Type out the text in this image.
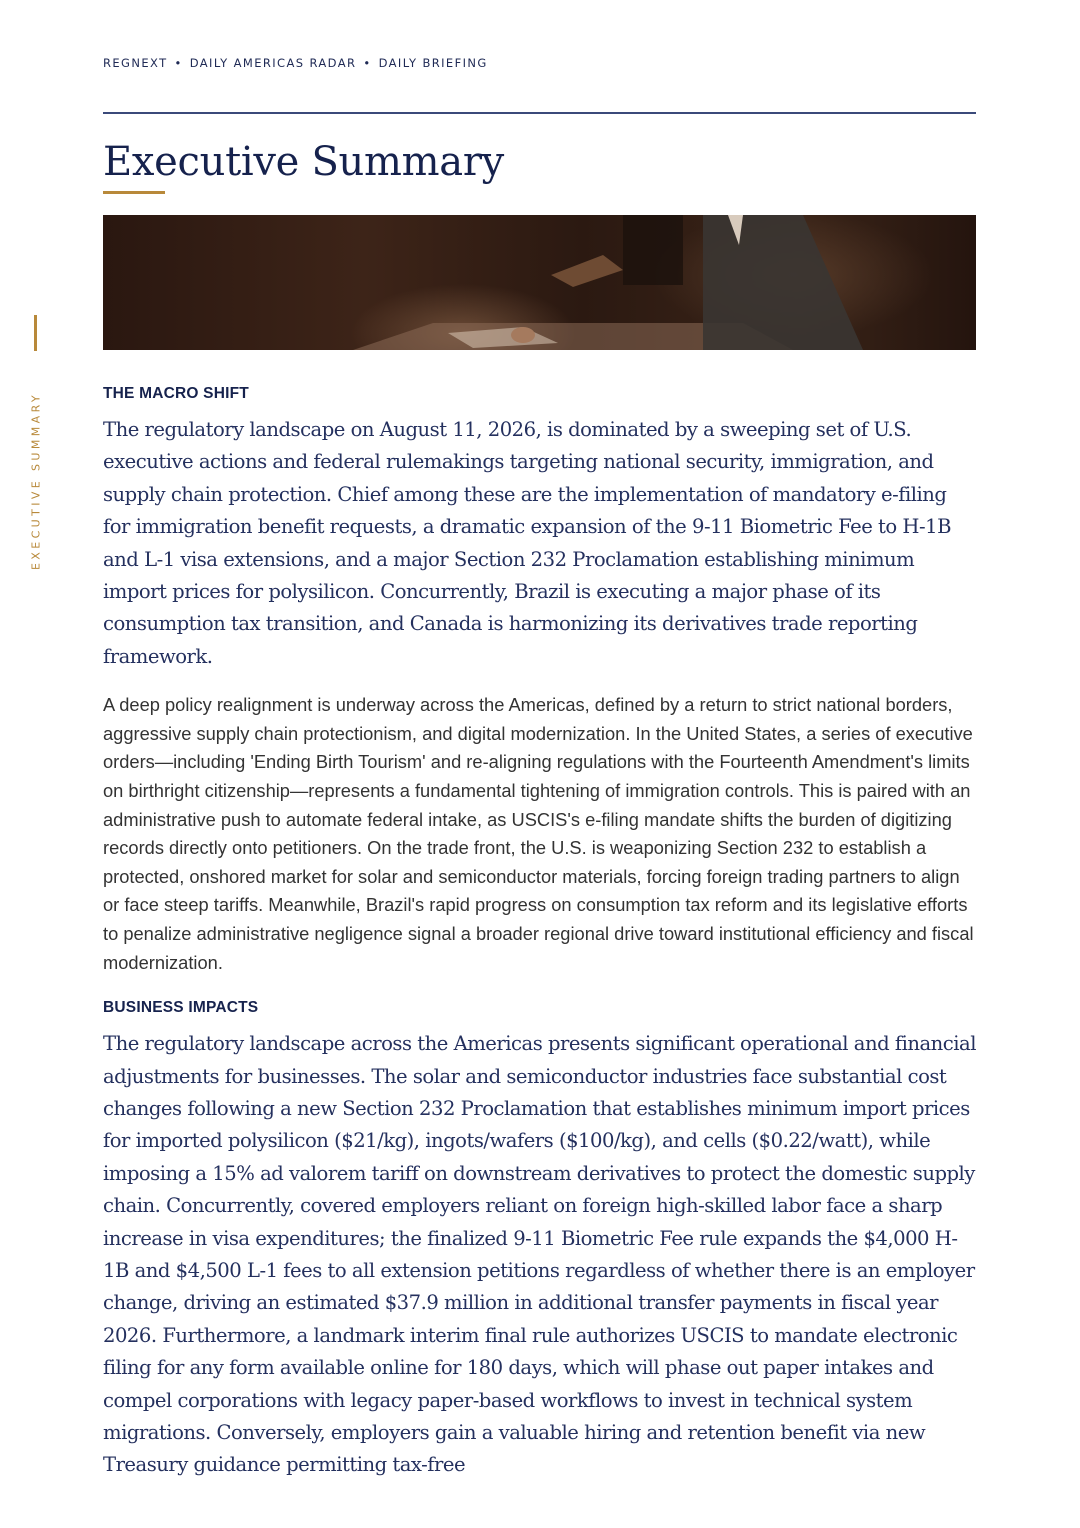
EXECUTIVE SUMMARY
REGNEXT • DAILY AMERICAS RADAR • DAILY BRIEFING
Executive Summary
THE MACRO SHIFT

The regulatory landscape on August 11, 2026, is dominated by a sweeping set of U.S. executive actions and federal rulemakings targeting national security, immigration, and supply chain protection. Chief among these are the implementation of mandatory e-filing for immigration benefit requests, a dramatic expansion of the 9-11 Biometric Fee to H-1B and L-1 visa extensions, and a major Section 232 Proclamation establishing minimum import prices for polysilicon. Concurrently, Brazil is executing a major phase of its consumption tax transition, and Canada is harmonizing its derivatives trade reporting framework.

A deep policy realignment is underway across the Americas, defined by a return to strict national borders, aggressive supply chain protectionism, and digital modernization. In the United States, a series of executive orders—including 'Ending Birth Tourism' and re-aligning regulations with the Fourteenth Amendment's limits on birthright citizenship—represents a fundamental tightening of immigration controls. This is paired with an administrative push to automate federal intake, as USCIS's e-filing mandate shifts the burden of digitizing records directly onto petitioners. On the trade front, the U.S. is weaponizing Section 232 to establish a protected, onshored market for solar and semiconductor materials, forcing foreign trading partners to align or face steep tariffs. Meanwhile, Brazil's rapid progress on consumption tax reform and its legislative efforts to penalize administrative negligence signal a broader regional drive toward institutional efficiency and fiscal modernization.

BUSINESS IMPACTS

The regulatory landscape across the Americas presents significant operational and financial adjustments for businesses. The solar and semiconductor industries face substantial cost changes following a new Section 232 Proclamation that establishes minimum import prices for imported polysilicon ($21/kg), ingots/wafers ($100/kg), and cells ($0.22/watt), while imposing a 15% ad valorem tariff on downstream derivatives to protect the domestic supply chain. Concurrently, covered employers reliant on foreign high-skilled labor face a sharp increase in visa expenditures; the finalized 9-11 Biometric Fee rule expands the $4,000 H-1B and $4,500 L-1 fees to all extension petitions regardless of whether there is an employer change, driving an estimated $37.9 million in additional transfer payments in fiscal year 2026. Furthermore, a landmark interim final rule authorizes USCIS to mandate electronic filing for any form available online for 180 days, which will phase out paper intakes and compel corporations with legacy paper-based workflows to invest in technical system migrations. Conversely, employers gain a valuable hiring and retention benefit via new Treasury guidance permitting tax-free
